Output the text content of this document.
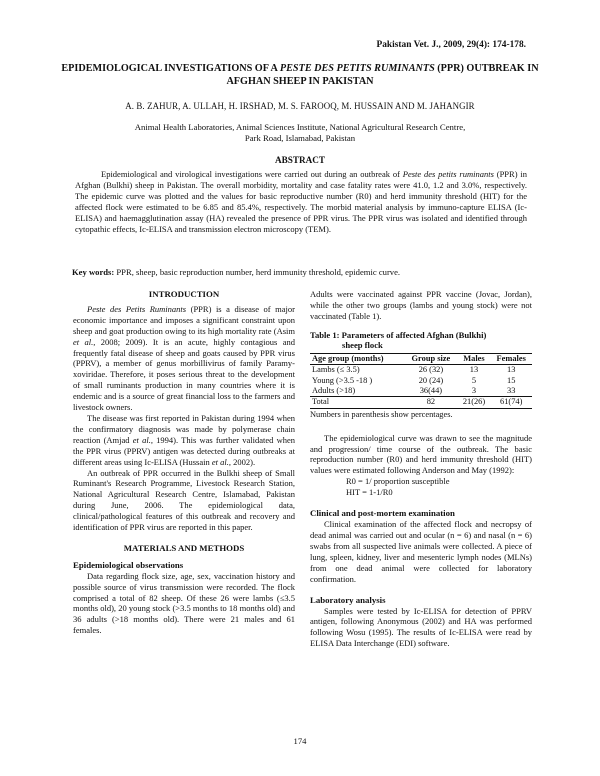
Pakistan Vet. J., 2009, 29(4): 174-178.
EPIDEMIOLOGICAL INVESTIGATIONS OF A PESTE DES PETITS RUMINANTS (PPR) OUTBREAK IN AFGHAN SHEEP IN PAKISTAN
A. B. ZAHUR, A. ULLAH, H. IRSHAD, M. S. FAROOQ, M. HUSSAIN AND M. JAHANGIR
Animal Health Laboratories, Animal Sciences Institute, National Agricultural Research Centre,
Park Road, Islamabad, Pakistan
ABSTRACT
Epidemiological and virological investigations were carried out during an outbreak of Peste des petits ruminants (PPR) in Afghan (Bulkhi) sheep in Pakistan. The overall morbidity, mortality and case fatality rates were 41.0, 1.2 and 3.0%, respectively. The epidemic curve was plotted and the values for basic reproductive number (R0) and herd immunity threshold (HIT) for the affected flock were estimated to be 6.85 and 85.4%, respectively. The morbid material analysis by immuno-capture ELISA (Ic-ELISA) and haemagglutination assay (HA) revealed the presence of PPR virus. The PPR virus was isolated and identified through cytopathic effects, Ic-ELISA and transmission electron microscopy (TEM).
Key words: PPR, sheep, basic reproduction number, herd immunity threshold, epidemic curve.
INTRODUCTION

Peste des Petits Ruminants (PPR) is a disease of major economic importance and imposes a significant constraint upon sheep and goat production owing to its high mortality rate (Asim et al., 2008; 2009). It is an acute, highly contagious and frequently fatal disease of sheep and goats caused by PPR virus (PPRV), a member of genus morbillivirus of family Paramy-xoviridae. Therefore, it poses serious threat to the development of small ruminants production in many countries where it is endemic and is a source of great financial loss to the farmers and livestock owners.

The disease was first reported in Pakistan during 1994 when the confirmatory diagnosis was made by polymerase chain reaction (Amjad et al., 1994). This was further validated when the PPR virus (PPRV) antigen was detected during outbreaks at different areas using Ic-ELISA (Hussain et al., 2002).

An outbreak of PPR occurred in the Bulkhi sheep of Small Ruminant's Research Programme, Livestock Research Station, National Agricultural Research Centre, Islamabad, Pakistan during June, 2006. The epidemiological data, clinical/pathological features of this outbreak and recovery and identification of PPR virus are reported in this paper.

MATERIALS AND METHODS
Epidemiological observations

Data regarding flock size, age, sex, vaccination history and possible source of virus transmission were recorded. The flock comprised a total of 82 sheep. Of these 26 were lambs (≤3.5 months old), 20 young stock (>3.5 months to 18 months old) and 36 adults (>18 months old). There were 21 males and 61 females.

Adults were vaccinated against PPR vaccine (Jovac, Jordan), while the other two groups (lambs and young stock) were not vaccinated (Table 1).

Table 1: Parameters of affected Afghan (Bulkhi)
sheep flock
Age group (months)	Group size	Males	Females
Lambs (≤ 3.5)	26 (32)	13	13
Young (>3.5 -18 )	20 (24)	5	15
Adults (>18)	36(44)	3	33
Total	82	21(26)	61(74)
Numbers in parenthesis show percentages.

The epidemiological curve was drawn to see the magnitude and progression/ time course of the outbreak. The basic reproduction number (R0) and herd immunity threshold (HIT) values were estimated following Anderson and May (1992):

R0 = 1/ proportion susceptible
HIT = 1-1/R0
Clinical and post-mortem examination

Clinical examination of the affected flock and necropsy of dead animal was carried out and ocular (n = 6) and nasal (n = 6) swabs from all suspected live animals were collected. A piece of lung, spleen, kidney, liver and mesenteric lymph nodes (MLNs) from one dead animal were collected for laboratory confirmation.

Laboratory analysis

Samples were tested by Ic-ELISA for detection of PPRV antigen, following Anonymous (2002) and HA was performed following Wosu (1995). The results of Ic-ELISA were read by ELISA Data Interchange (EDI) software.

174
